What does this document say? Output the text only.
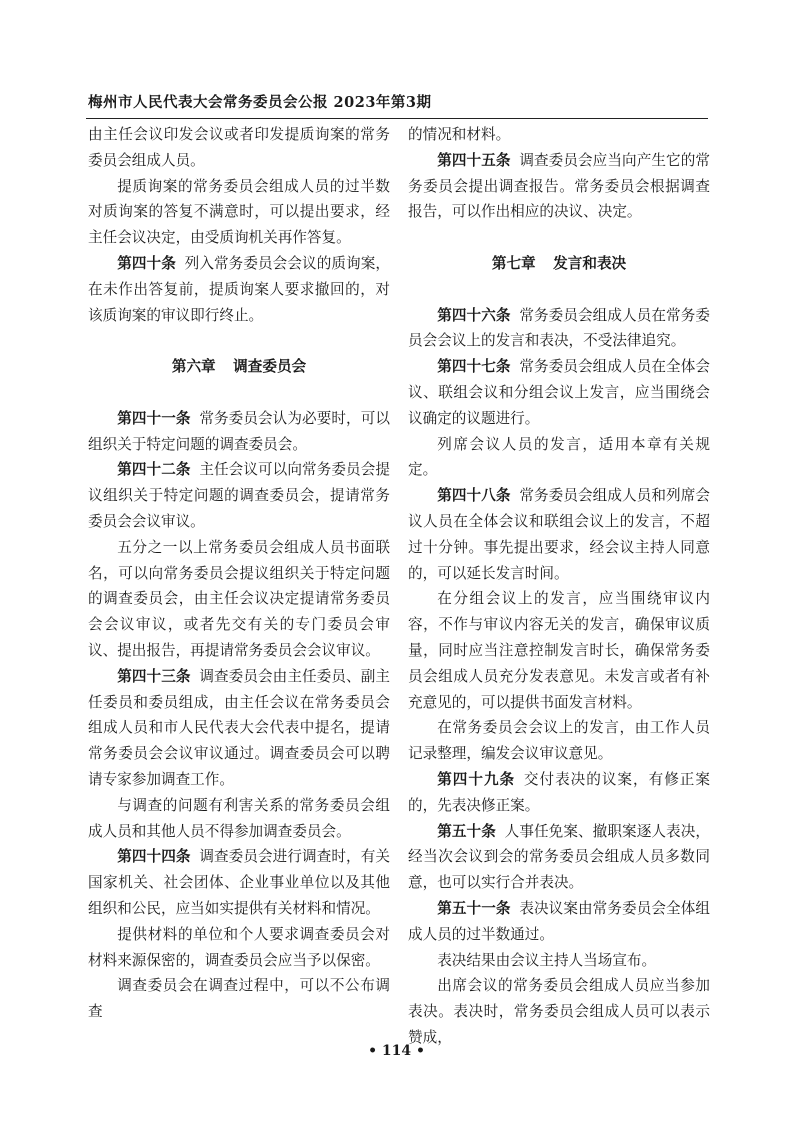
梅州市人民代表大会常务委员会公报 2023年第3期

由主任会议印发会议或者印发提质询案的常务委员会组成人员。

提质询案的常务委员会组成人员的过半数对质询案的答复不满意时，可以提出要求，经主任会议决定，由受质询机关再作答复。

第四十条 列入常务委员会会议的质询案，在未作出答复前，提质询案人要求撤回的，对该质询案的审议即行终止。

第六章 调查委员会

第四十一条 常务委员会认为必要时，可以组织关于特定问题的调查委员会。

第四十二条 主任会议可以向常务委员会提议组织关于特定问题的调查委员会，提请常务委员会会议审议。

五分之一以上常务委员会组成人员书面联名，可以向常务委员会提议组织关于特定问题的调查委员会，由主任会议决定提请常务委员会会议审议，或者先交有关的专门委员会审议、提出报告，再提请常务委员会会议审议。

第四十三条 调查委员会由主任委员、副主任委员和委员组成，由主任会议在常务委员会组成人员和市人民代表大会代表中提名，提请常务委员会会议审议通过。调查委员会可以聘请专家参加调查工作。

与调查的问题有利害关系的常务委员会组成人员和其他人员不得参加调查委员会。

第四十四条 调查委员会进行调查时，有关国家机关、社会团体、企业事业单位以及其他组织和公民，应当如实提供有关材料和情况。

提供材料的单位和个人要求调查委员会对材料来源保密的，调查委员会应当予以保密。

调查委员会在调查过程中，可以不公布调查

的情况和材料。

第四十五条 调查委员会应当向产生它的常务委员会提出调查报告。常务委员会根据调查报告，可以作出相应的决议、决定。

第七章 发言和表决

第四十六条 常务委员会组成人员在常务委员会会议上的发言和表决，不受法律追究。

第四十七条 常务委员会组成人员在全体会议、联组会议和分组会议上发言，应当围绕会议确定的议题进行。

列席会议人员的发言，适用本章有关规定。

第四十八条 常务委员会组成人员和列席会议人员在全体会议和联组会议上的发言，不超过十分钟。事先提出要求，经会议主持人同意的，可以延长发言时间。

在分组会议上的发言，应当围绕审议内容，不作与审议内容无关的发言，确保审议质量，同时应当注意控制发言时长，确保常务委员会组成人员充分发表意见。未发言或者有补充意见的，可以提供书面发言材料。

在常务委员会会议上的发言，由工作人员记录整理，编发会议审议意见。

第四十九条 交付表决的议案，有修正案的，先表决修正案。

第五十条 人事任免案、撤职案逐人表决，经当次会议到会的常务委员会组成人员多数同意，也可以实行合并表决。

第五十一条 表决议案由常务委员会全体组成人员的过半数通过。

表决结果由会议主持人当场宣布。

出席会议的常务委员会组成人员应当参加表决。表决时，常务委员会组成人员可以表示赞成，

• 114 •
